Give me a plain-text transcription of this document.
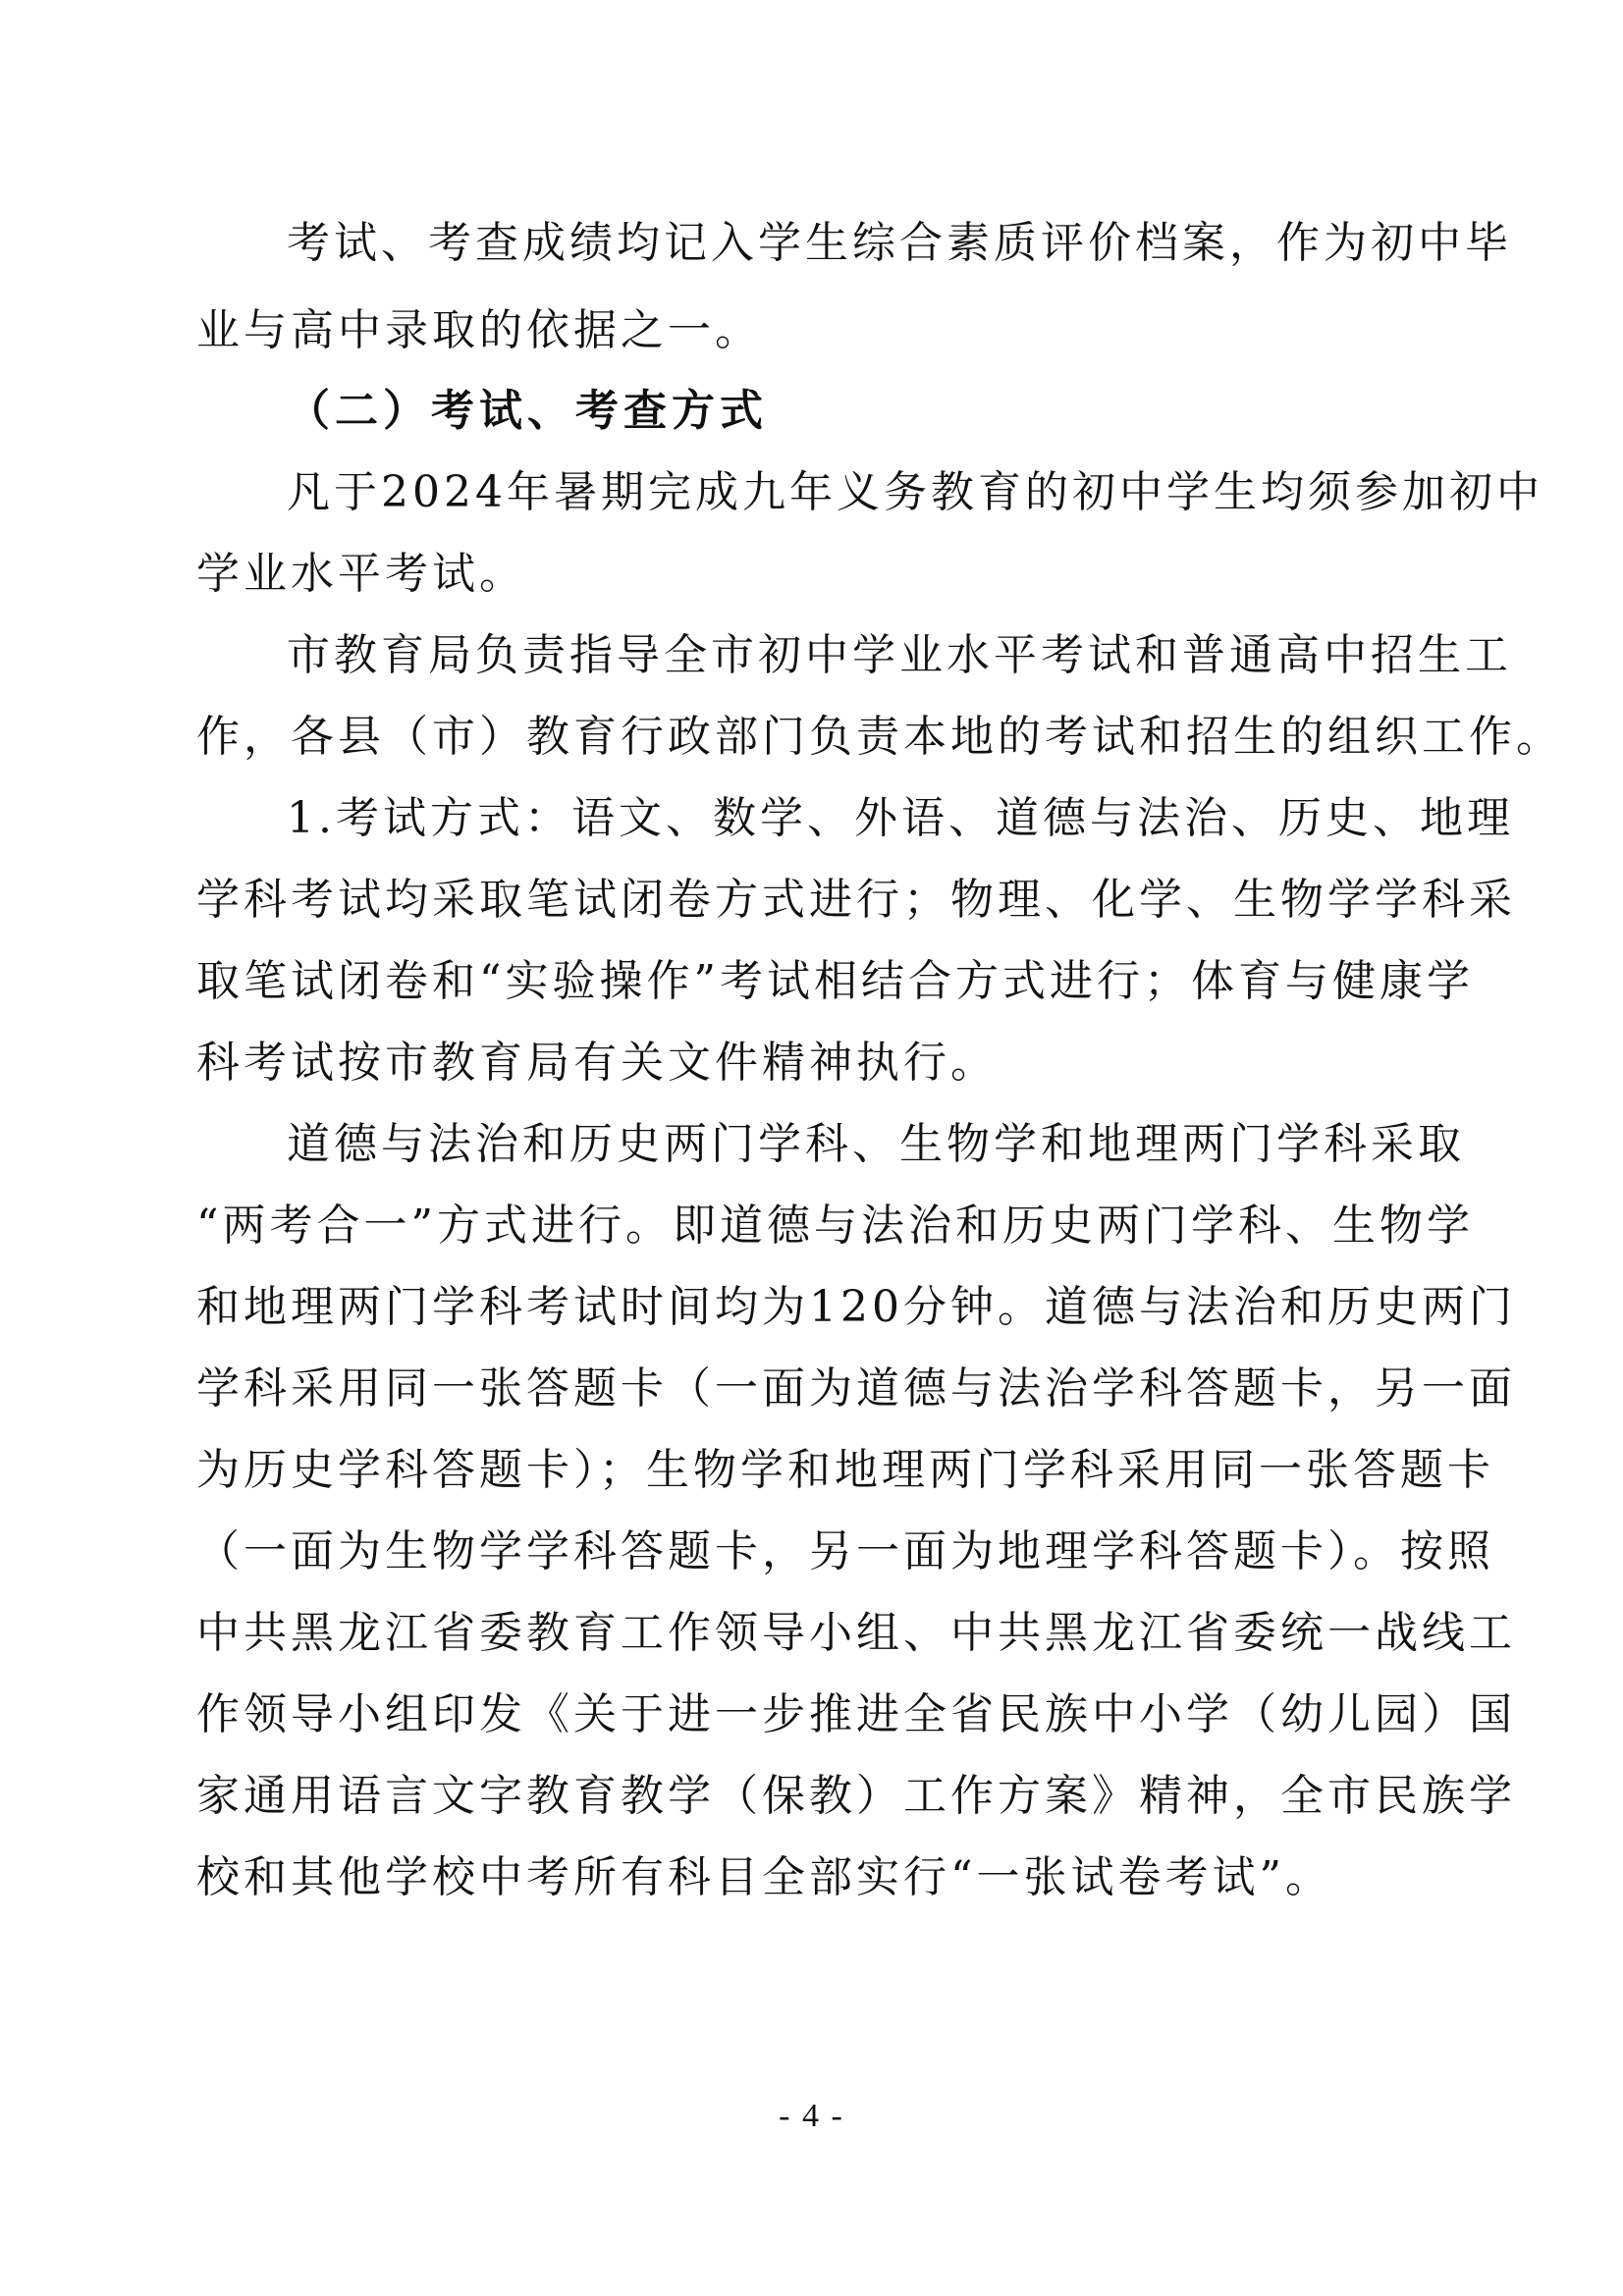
考试、考查成绩均记入学生综合素质评价档案，作为初中毕
业与高中录取的依据之一。
（二）考试、考查方式
凡于2024年暑期完成九年义务教育的初中学生均须参加初中
学业水平考试。
市教育局负责指导全市初中学业水平考试和普通高中招生工
作，各县（市）教育行政部门负责本地的考试和招生的组织工作。
1.考试方式：语文、数学、外语、道德与法治、历史、地理
学科考试均采取笔试闭卷方式进行；物理、化学、生物学学科采
取笔试闭卷和“实验操作”考试相结合方式进行；体育与健康学
科考试按市教育局有关文件精神执行。
道德与法治和历史两门学科、生物学和地理两门学科采取
“两考合一”方式进行。即道德与法治和历史两门学科、生物学
和地理两门学科考试时间均为120分钟。道德与法治和历史两门
学科采用同一张答题卡（一面为道德与法治学科答题卡，另一面
为历史学科答题卡）；生物学和地理两门学科采用同一张答题卡
（一面为生物学学科答题卡，另一面为地理学科答题卡）。按照
中共黑龙江省委教育工作领导小组、中共黑龙江省委统一战线工
作领导小组印发《关于进一步推进全省民族中小学（幼儿园）国
家通用语言文字教育教学（保教）工作方案》精神，全市民族学
校和其他学校中考所有科目全部实行“一张试卷考试”。
- 4 -
